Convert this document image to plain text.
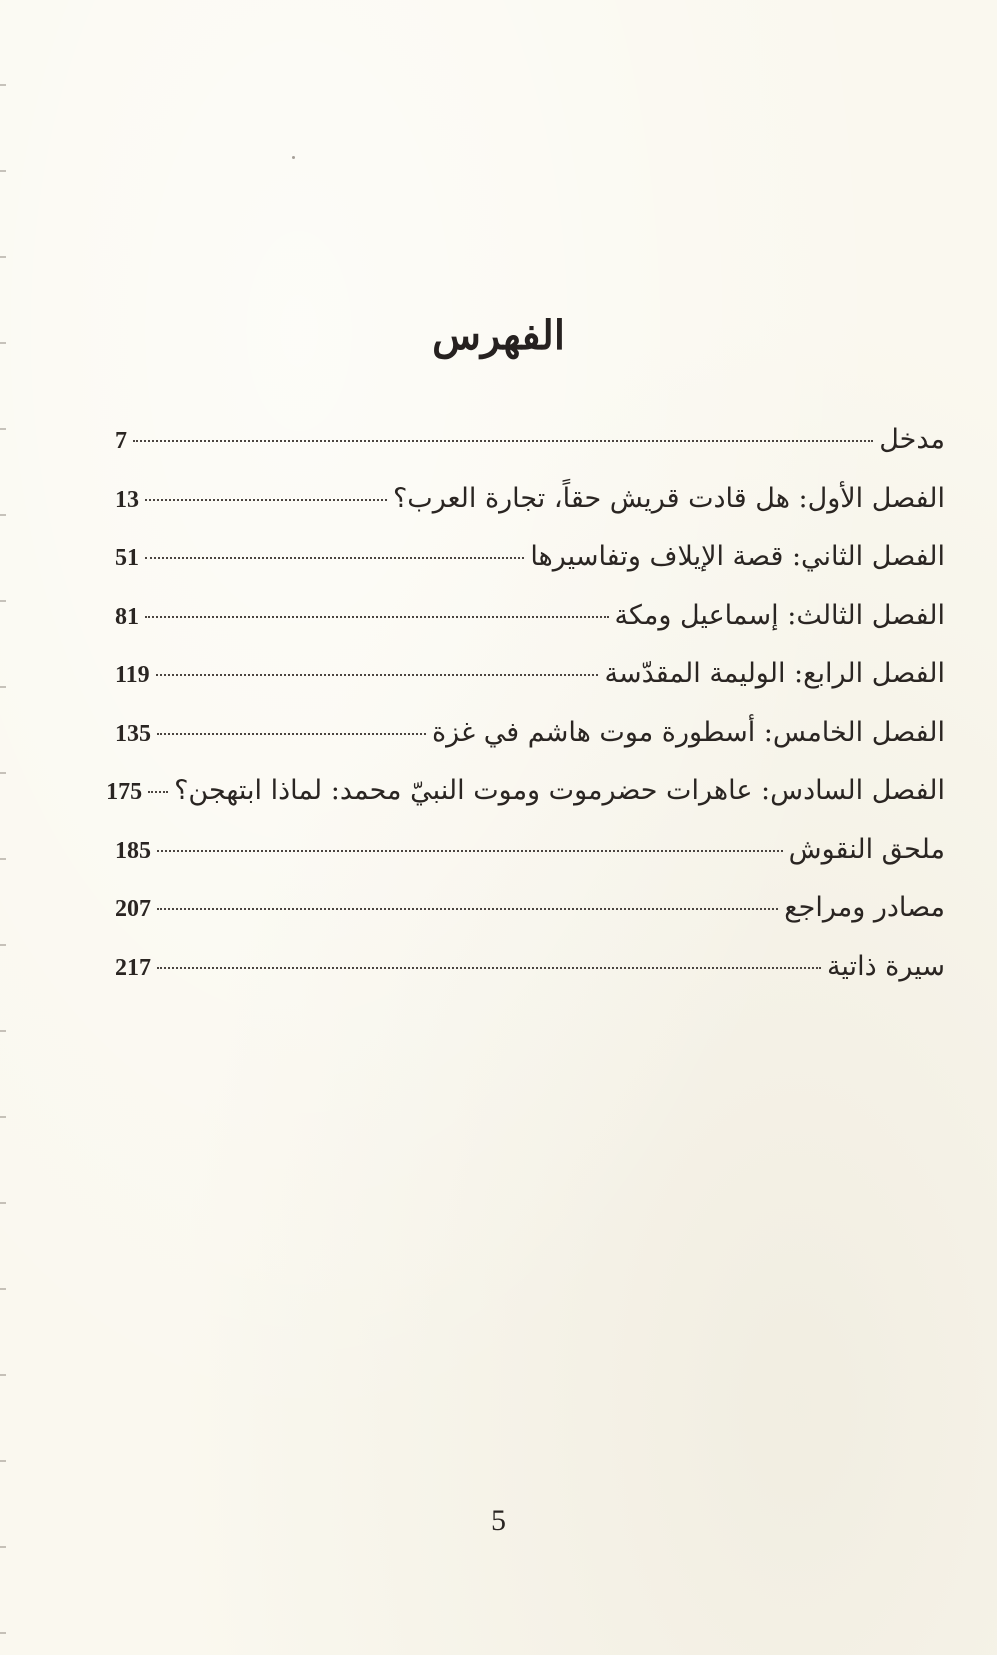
الفهرس
مدخل
7
الفصل الأول: هل قادت قريش حقاً، تجارة العرب؟
13
الفصل الثاني: قصة الإيلاف وتفاسيرها
51
الفصل الثالث: إسماعيل ومكة
81
الفصل الرابع: الوليمة المقدّسة
119
الفصل الخامس: أسطورة موت هاشم في غزة
135
الفصل السادس: عاهرات حضرموت وموت النبيّ محمد: لماذا ابتهجن؟
175
ملحق النقوش
185
مصادر ومراجع
207
سيرة ذاتية
217
5
